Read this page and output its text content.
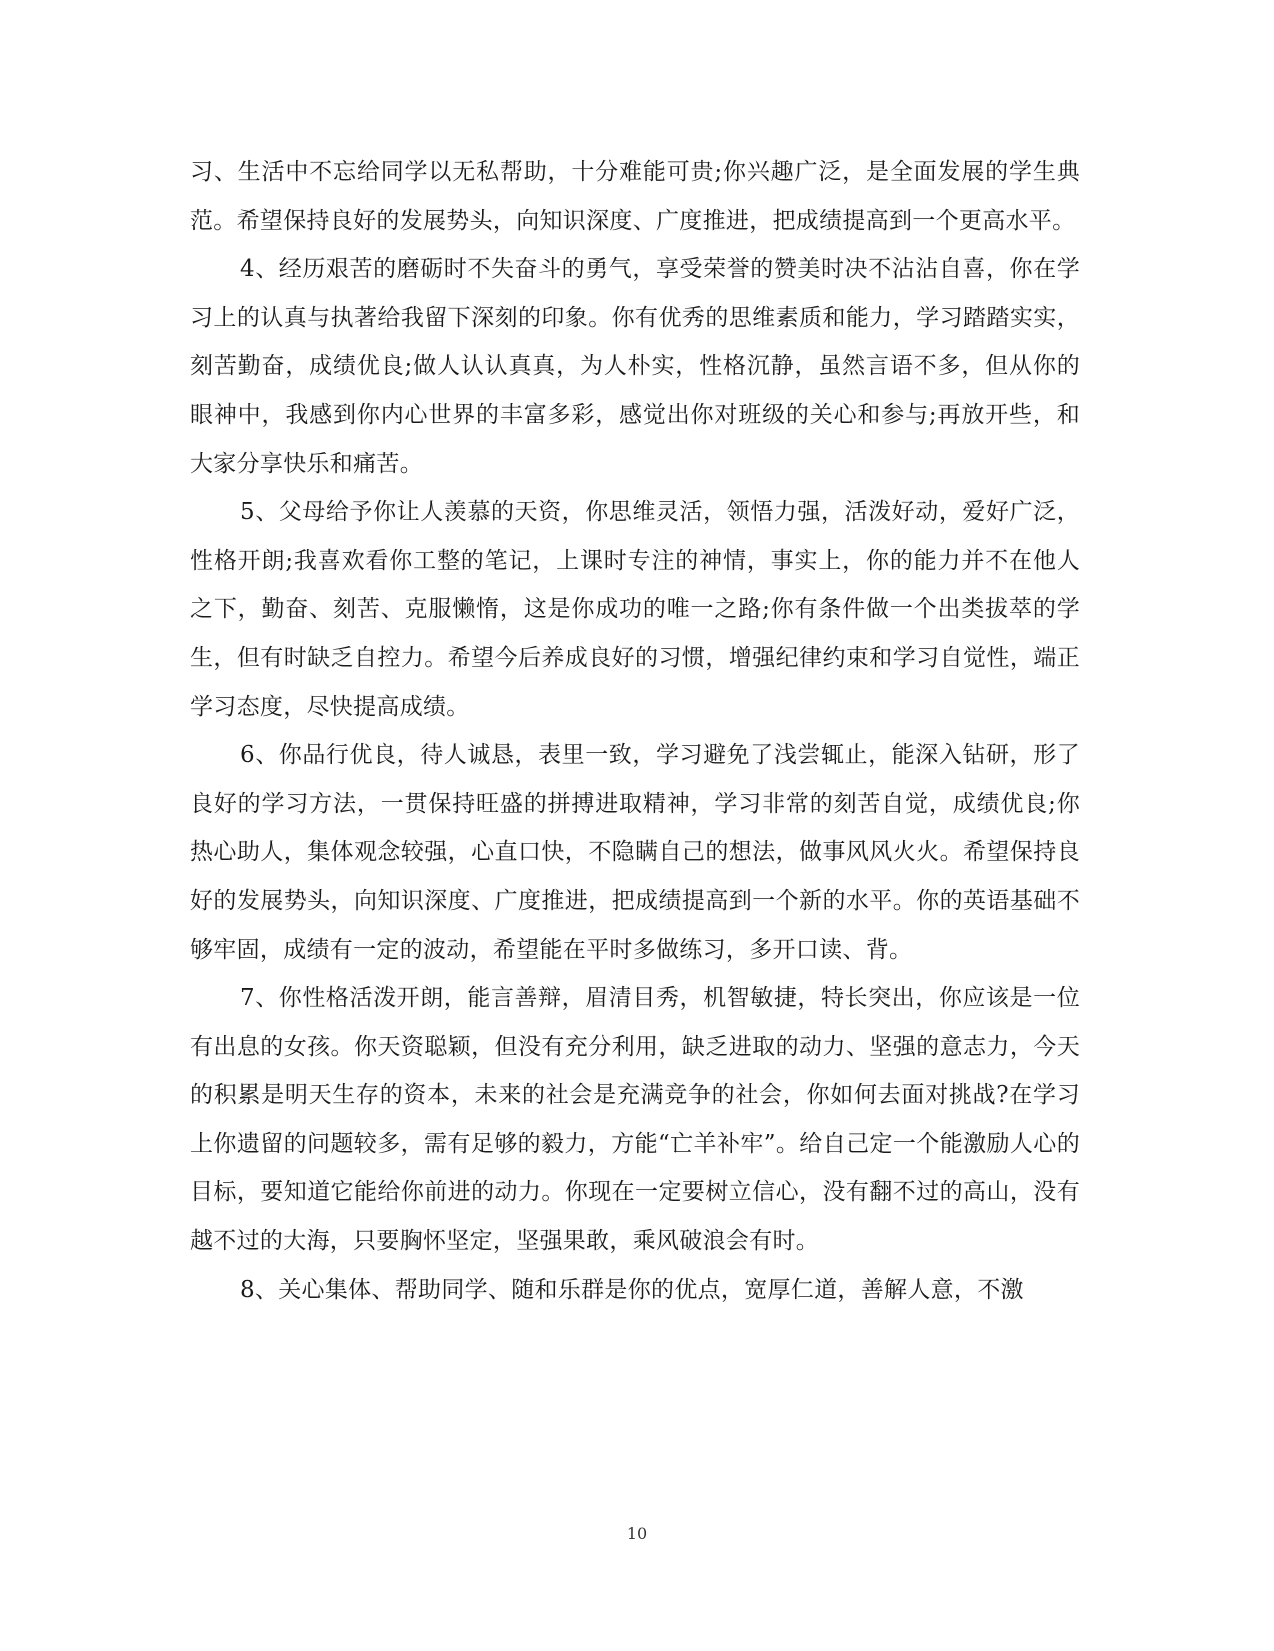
习、生活中不忘给同学以无私帮助，十分难能可贵;你兴趣广泛，是全面发展的学生典范。希望保持良好的发展势头，向知识深度、广度推进，把成绩提高到一个更高水平。

4、经历艰苦的磨砺时不失奋斗的勇气，享受荣誉的赞美时决不沾沾自喜，你在学习上的认真与执著给我留下深刻的印象。你有优秀的思维素质和能力，学习踏踏实实，刻苦勤奋，成绩优良;做人认认真真，为人朴实，性格沉静，虽然言语不多，但从你的眼神中，我感到你内心世界的丰富多彩，感觉出你对班级的关心和参与;再放开些，和大家分享快乐和痛苦。

5、父母给予你让人羡慕的天资，你思维灵活，领悟力强，活泼好动，爱好广泛，性格开朗;我喜欢看你工整的笔记，上课时专注的神情，事实上，你的能力并不在他人之下，勤奋、刻苦、克服懒惰，这是你成功的唯一之路;你有条件做一个出类拔萃的学生，但有时缺乏自控力。希望今后养成良好的习惯，增强纪律约束和学习自觉性，端正学习态度，尽快提高成绩。

6、你品行优良，待人诚恳，表里一致，学习避免了浅尝辄止，能深入钻研，形了良好的学习方法，一贯保持旺盛的拼搏进取精神，学习非常的刻苦自觉，成绩优良;你热心助人，集体观念较强，心直口快，不隐瞒自己的想法，做事风风火火。希望保持良好的发展势头，向知识深度、广度推进，把成绩提高到一个新的水平。你的英语基础不够牢固，成绩有一定的波动，希望能在平时多做练习，多开口读、背。

7、你性格活泼开朗，能言善辩，眉清目秀，机智敏捷，特长突出，你应该是一位有出息的女孩。你天资聪颖，但没有充分利用，缺乏进取的动力、坚强的意志力，今天的积累是明天生存的资本，未来的社会是充满竞争的社会，你如何去面对挑战?在学习上你遗留的问题较多，需有足够的毅力，方能“亡羊补牢”。给自己定一个能激励人心的目标，要知道它能给你前进的动力。你现在一定要树立信心，没有翻不过的高山，没有越不过的大海，只要胸怀坚定，坚强果敢，乘风破浪会有时。

8、关心集体、帮助同学、随和乐群是你的优点，宽厚仁道，善解人意，不激

10
